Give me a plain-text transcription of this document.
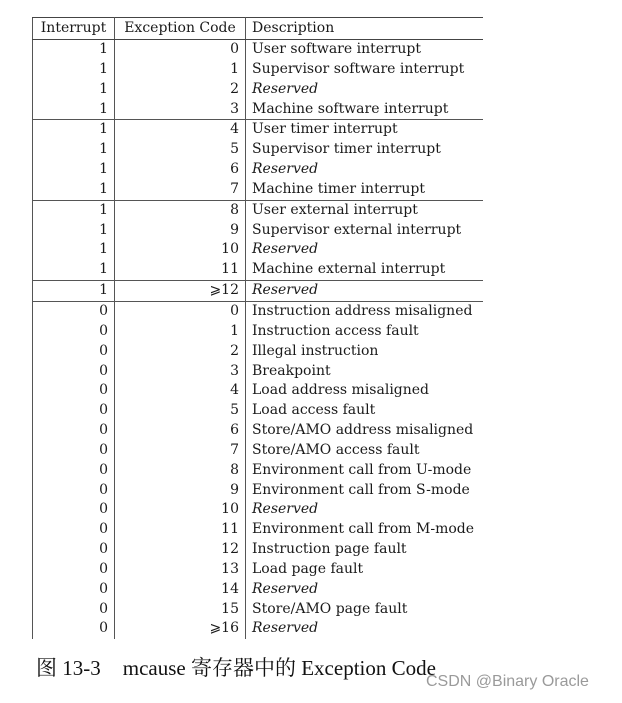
Interrupt	Exception Code	Description
1	0	User software interrupt
1	1	Supervisor software interrupt
1	2	Reserved
1	3	Machine software interrupt
1	4	User timer interrupt
1	5	Supervisor timer interrupt
1	6	Reserved
1	7	Machine timer interrupt
1	8	User external interrupt
1	9	Supervisor external interrupt
1	10	Reserved
1	11	Machine external interrupt
1	⩾12	Reserved
0	0	Instruction address misaligned
0	1	Instruction access fault
0	2	Illegal instruction
0	3	Breakpoint
0	4	Load address misaligned
0	5	Load access fault
0	6	Store/AMO address misaligned
0	7	Store/AMO access fault
0	8	Environment call from U-mode
0	9	Environment call from S-mode
0	10	Reserved
0	11	Environment call from M-mode
0	12	Instruction page fault
0	13	Load page fault
0	14	Reserved
0	15	Store/AMO page fault
0	⩾16	Reserved
图 13-3 mcause 寄存器中的 Exception Code
CSDN @Binary Oracle
